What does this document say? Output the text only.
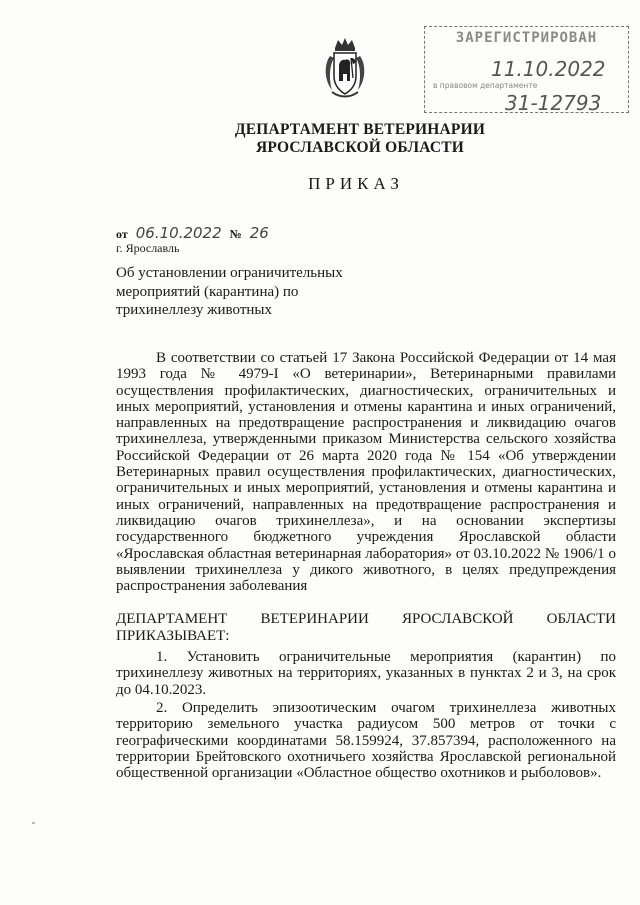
ЗАРЕГИСТРИРОВАН
11.10.2022
в правовом департаменте
31-12793
ДЕПАРТАМЕНТ ВЕТЕРИНАРИИ
ЯРОСЛАВСКОЙ ОБЛАСТИ
ПРИКАЗ
от 06.10.2022 № 26
г. Ярославль
Об установлении ограничительных мероприятий (карантина) по трихинеллезу животных

В соответствии со статьей 17 Закона Российской Федерации от 14 мая 1993 года № 4979-I «О ветеринарии», Ветеринарными правилами осуществления профилактических, диагностических, ограничительных и иных мероприятий, установления и отмены карантина и иных ограничений, направленных на предотвращение распространения и ликвидацию очагов трихинеллеза, утвержденными приказом Министерства сельского хозяйства Российской Федерации от 26 марта 2020 года № 154 «Об утверждении Ветеринарных правил осуществления профилактических, диагностических, ограничительных и иных мероприятий, установления и отмены карантина и иных ограничений, направленных на предотвращение распространения и ликвидацию очагов трихинеллеза», и на основании экспертизы государственного бюджетного учреждения Ярославской области «Ярославская областная ветеринарная лаборатория» от 03.10.2022 № 1906/1 о выявлении трихинеллеза у дикого животного, в целях предупреждения распространения заболевания

ДЕПАРТАМЕНТ ВЕТЕРИНАРИИ ЯРОСЛАВСКОЙ ОБЛАСТИ ПРИКАЗЫВАЕТ:

1. Установить ограничительные мероприятия (карантин) по трихинеллезу животных на территориях, указанных в пунктах 2 и 3, на срок до 04.10.2023.

2. Определить эпизоотическим очагом трихинеллеза животных территорию земельного участка радиусом 500 метров от точки с географическими координатами 58.159924, 37.857394, расположенного на территории Брейтовского охотничьего хозяйства Ярославской региональной общественной организации «Областное общество охотников и рыболовов».
